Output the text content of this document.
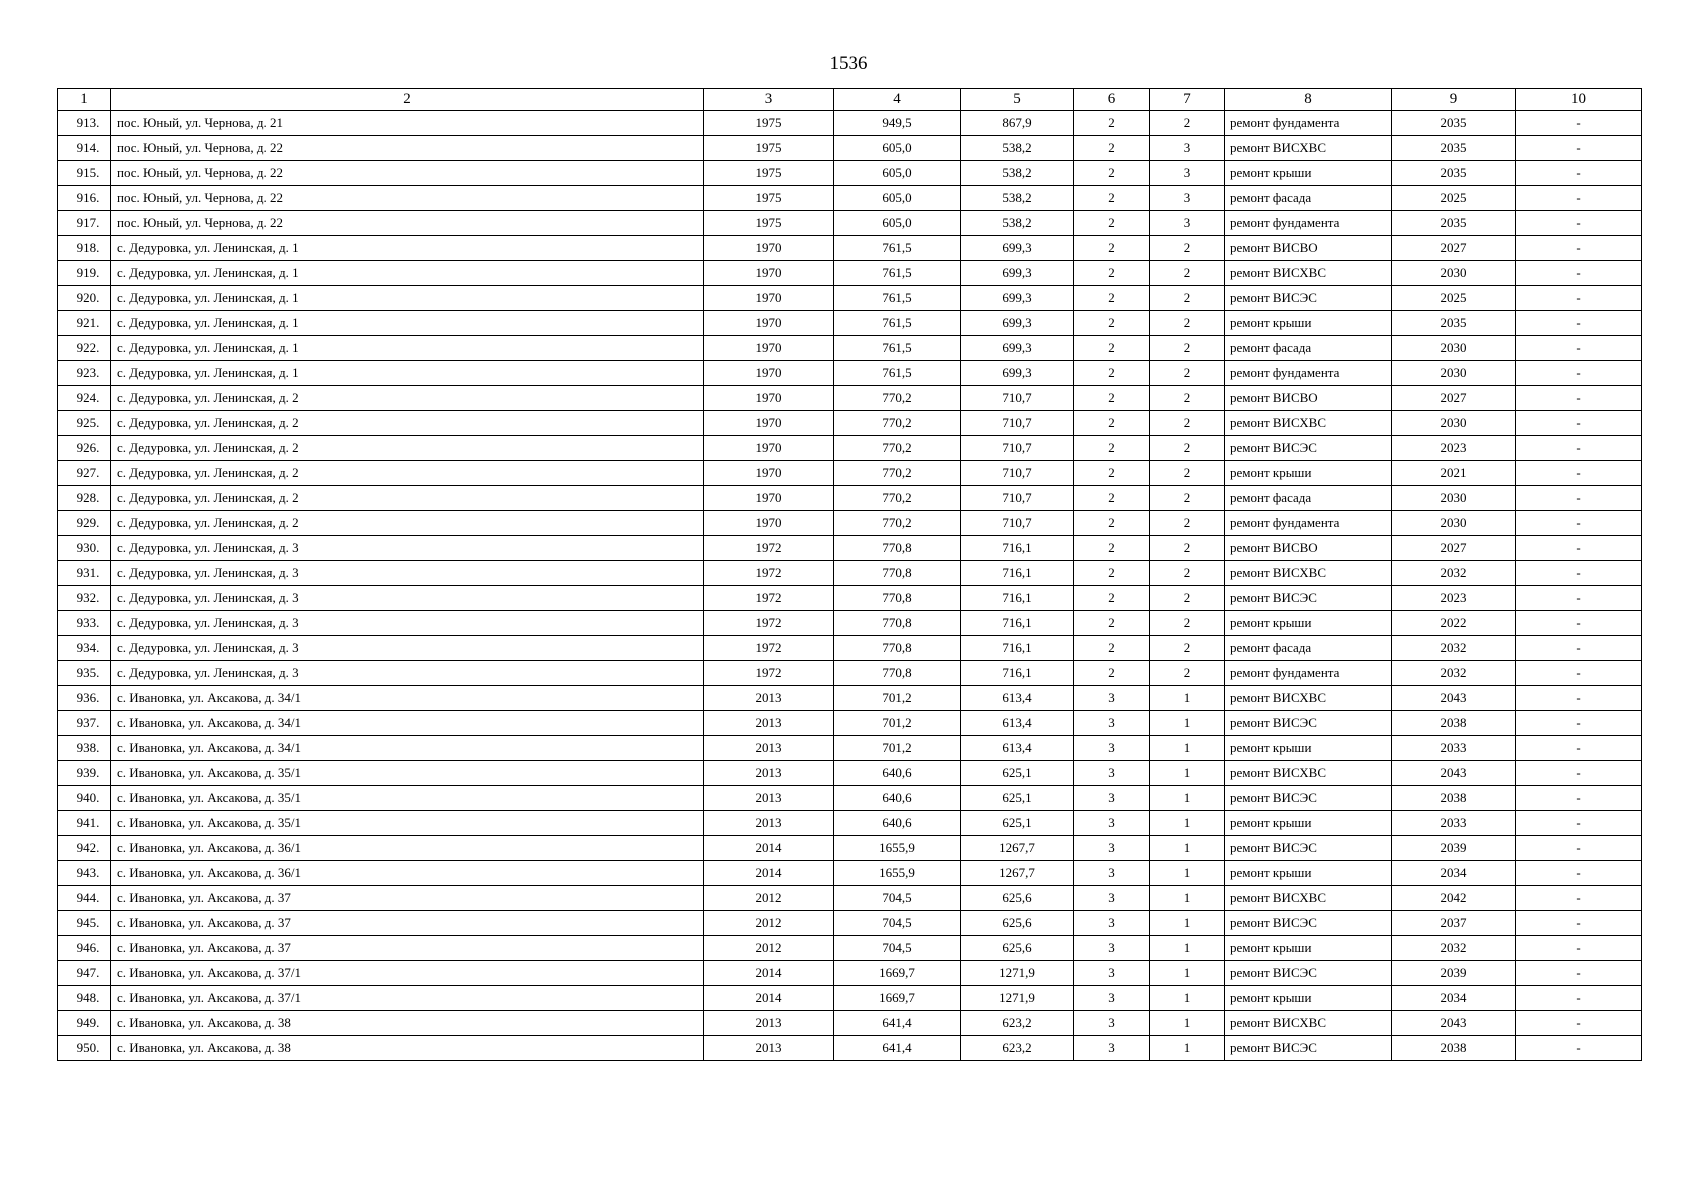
1536
1	2	3	4	5	6	7	8	9	10
913.	пос. Юный, ул. Чернова, д. 21	1975	949,5	867,9	2	2	ремонт фундамента	2035	-
914.	пос. Юный, ул. Чернова, д. 22	1975	605,0	538,2	2	3	ремонт ВИСХВС	2035	-
915.	пос. Юный, ул. Чернова, д. 22	1975	605,0	538,2	2	3	ремонт крыши	2035	-
916.	пос. Юный, ул. Чернова, д. 22	1975	605,0	538,2	2	3	ремонт фасада	2025	-
917.	пос. Юный, ул. Чернова, д. 22	1975	605,0	538,2	2	3	ремонт фундамента	2035	-
918.	с. Дедуровка, ул. Ленинская, д. 1	1970	761,5	699,3	2	2	ремонт ВИСВО	2027	-
919.	с. Дедуровка, ул. Ленинская, д. 1	1970	761,5	699,3	2	2	ремонт ВИСХВС	2030	-
920.	с. Дедуровка, ул. Ленинская, д. 1	1970	761,5	699,3	2	2	ремонт ВИСЭС	2025	-
921.	с. Дедуровка, ул. Ленинская, д. 1	1970	761,5	699,3	2	2	ремонт крыши	2035	-
922.	с. Дедуровка, ул. Ленинская, д. 1	1970	761,5	699,3	2	2	ремонт фасада	2030	-
923.	с. Дедуровка, ул. Ленинская, д. 1	1970	761,5	699,3	2	2	ремонт фундамента	2030	-
924.	с. Дедуровка, ул. Ленинская, д. 2	1970	770,2	710,7	2	2	ремонт ВИСВО	2027	-
925.	с. Дедуровка, ул. Ленинская, д. 2	1970	770,2	710,7	2	2	ремонт ВИСХВС	2030	-
926.	с. Дедуровка, ул. Ленинская, д. 2	1970	770,2	710,7	2	2	ремонт ВИСЭС	2023	-
927.	с. Дедуровка, ул. Ленинская, д. 2	1970	770,2	710,7	2	2	ремонт крыши	2021	-
928.	с. Дедуровка, ул. Ленинская, д. 2	1970	770,2	710,7	2	2	ремонт фасада	2030	-
929.	с. Дедуровка, ул. Ленинская, д. 2	1970	770,2	710,7	2	2	ремонт фундамента	2030	-
930.	с. Дедуровка, ул. Ленинская, д. 3	1972	770,8	716,1	2	2	ремонт ВИСВО	2027	-
931.	с. Дедуровка, ул. Ленинская, д. 3	1972	770,8	716,1	2	2	ремонт ВИСХВС	2032	-
932.	с. Дедуровка, ул. Ленинская, д. 3	1972	770,8	716,1	2	2	ремонт ВИСЭС	2023	-
933.	с. Дедуровка, ул. Ленинская, д. 3	1972	770,8	716,1	2	2	ремонт крыши	2022	-
934.	с. Дедуровка, ул. Ленинская, д. 3	1972	770,8	716,1	2	2	ремонт фасада	2032	-
935.	с. Дедуровка, ул. Ленинская, д. 3	1972	770,8	716,1	2	2	ремонт фундамента	2032	-
936.	с. Ивановка, ул. Аксакова, д. 34/1	2013	701,2	613,4	3	1	ремонт ВИСХВС	2043	-
937.	с. Ивановка, ул. Аксакова, д. 34/1	2013	701,2	613,4	3	1	ремонт ВИСЭС	2038	-
938.	с. Ивановка, ул. Аксакова, д. 34/1	2013	701,2	613,4	3	1	ремонт крыши	2033	-
939.	с. Ивановка, ул. Аксакова, д. 35/1	2013	640,6	625,1	3	1	ремонт ВИСХВС	2043	-
940.	с. Ивановка, ул. Аксакова, д. 35/1	2013	640,6	625,1	3	1	ремонт ВИСЭС	2038	-
941.	с. Ивановка, ул. Аксакова, д. 35/1	2013	640,6	625,1	3	1	ремонт крыши	2033	-
942.	с. Ивановка, ул. Аксакова, д. 36/1	2014	1655,9	1267,7	3	1	ремонт ВИСЭС	2039	-
943.	с. Ивановка, ул. Аксакова, д. 36/1	2014	1655,9	1267,7	3	1	ремонт крыши	2034	-
944.	с. Ивановка, ул. Аксакова, д. 37	2012	704,5	625,6	3	1	ремонт ВИСХВС	2042	-
945.	с. Ивановка, ул. Аксакова, д. 37	2012	704,5	625,6	3	1	ремонт ВИСЭС	2037	-
946.	с. Ивановка, ул. Аксакова, д. 37	2012	704,5	625,6	3	1	ремонт крыши	2032	-
947.	с. Ивановка, ул. Аксакова, д. 37/1	2014	1669,7	1271,9	3	1	ремонт ВИСЭС	2039	-
948.	с. Ивановка, ул. Аксакова, д. 37/1	2014	1669,7	1271,9	3	1	ремонт крыши	2034	-
949.	с. Ивановка, ул. Аксакова, д. 38	2013	641,4	623,2	3	1	ремонт ВИСХВС	2043	-
950.	с. Ивановка, ул. Аксакова, д. 38	2013	641,4	623,2	3	1	ремонт ВИСЭС	2038	-
